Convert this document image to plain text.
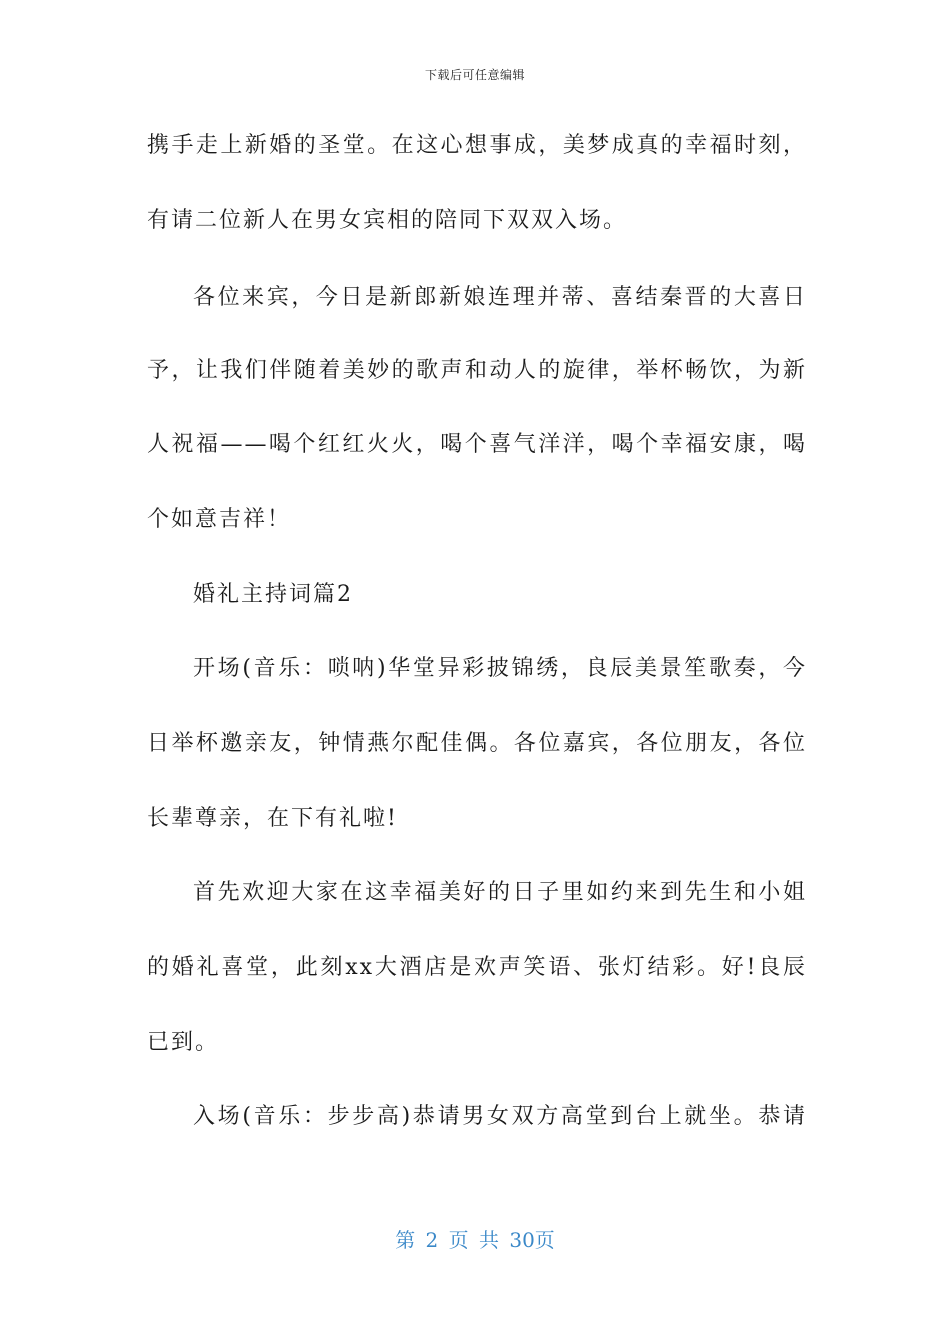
下载后可任意编辑
携手走上新婚的圣堂。在这心想事成，美梦成真的幸福时刻，
有请二位新人在男女宾相的陪同下双双入场。
各位来宾，今日是新郎新娘连理并蒂、喜结秦晋的大喜日
予，让我们伴随着美妙的歌声和动人的旋律，举杯畅饮，为新
人祝福——喝个红红火火，喝个喜气洋洋，喝个幸福安康，喝
个如意吉祥！
婚礼主持词篇2
开场(音乐：唢呐)华堂异彩披锦绣，良辰美景笙歌奏，今
日举杯邀亲友，钟情燕尔配佳偶。各位嘉宾，各位朋友，各位
长辈尊亲，在下有礼啦!
首先欢迎大家在这幸福美好的日子里如约来到先生和小姐
的婚礼喜堂，此刻xx大酒店是欢声笑语、张灯结彩。好!良辰
已到。
入场(音乐：步步高)恭请男女双方高堂到台上就坐。恭请
第 2 页 共 30页
